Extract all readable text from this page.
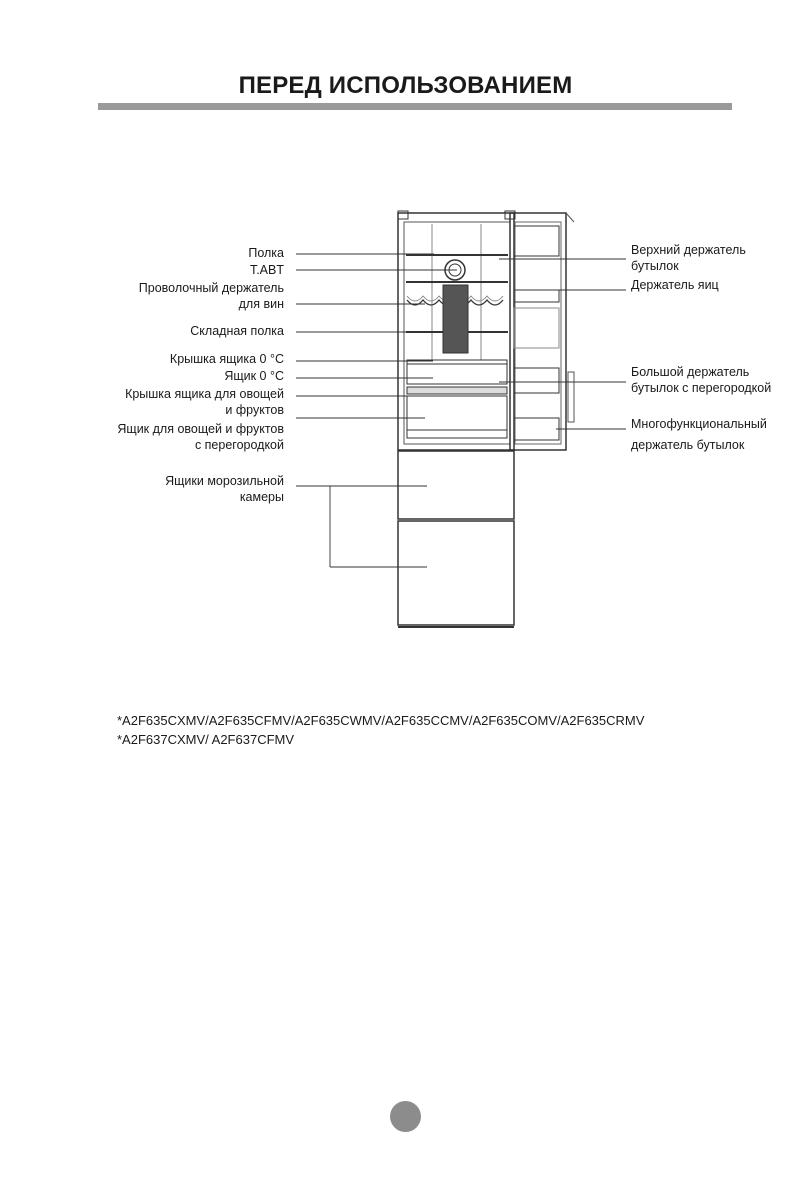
ПЕРЕД ИСПОЛЬЗОВАНИЕМ
Полка
T.ABT
Проволочный держатель
для вин
Складная полка
Крышка ящика 0 °C
Ящик 0 °C
Крышка ящика для овощей
и фруктов
Ящик для овощей и фруктов
с перегородкой
Ящики морозильной
камеры
Верхний держатель
бутылок
Держатель яиц
Большой держатель
бутылок с перегородкой
Многофункциональный
держатель бутылок
*A2F635CXMV/A2F635CFMV/A2F635CWMV/A2F635CCMV/A2F635COMV/A2F635CRMV
*A2F637CXMV/ A2F637CFMV
